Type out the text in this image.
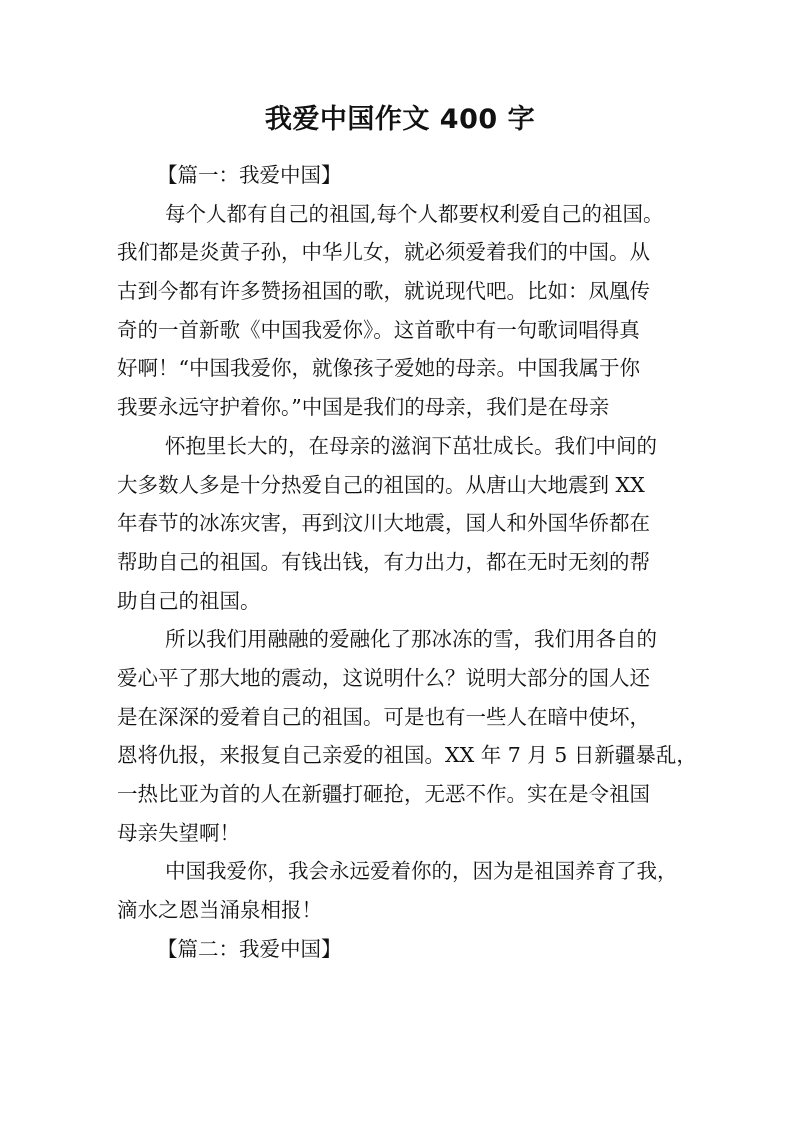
我爱中国作文 400 字
【篇一：我爱中国】
每个人都有自己的祖国,每个人都要权利爱自己的祖国。
我们都是炎黄子孙，中华儿女，就必须爱着我们的中国。从
古到今都有许多赞扬祖国的歌，就说现代吧。比如：凤凰传
奇的一首新歌《中国我爱你》。这首歌中有一句歌词唱得真
好啊！“中国我爱你，就像孩子爱她的母亲。中国我属于你
我要永远守护着你。”中国是我们的母亲，我们是在母亲
怀抱里长大的，在母亲的滋润下茁壮成长。我们中间的
大多数人多是十分热爱自己的祖国的。从唐山大地震到 XX
年春节的冰冻灾害，再到汶川大地震，国人和外国华侨都在
帮助自己的祖国。有钱出钱，有力出力，都在无时无刻的帮
助自己的祖国。
所以我们用融融的爱融化了那冰冻的雪，我们用各自的
爱心平了那大地的震动，这说明什么？说明大部分的国人还
是在深深的爱着自己的祖国。可是也有一些人在暗中使坏，
恩将仇报，来报复自己亲爱的祖国。XX 年 7 月 5 日新疆暴乱，
一热比亚为首的人在新疆打砸抢，无恶不作。实在是令祖国
母亲失望啊！
中国我爱你，我会永远爱着你的，因为是祖国养育了我，
滴水之恩当涌泉相报！
【篇二：我爱中国】
